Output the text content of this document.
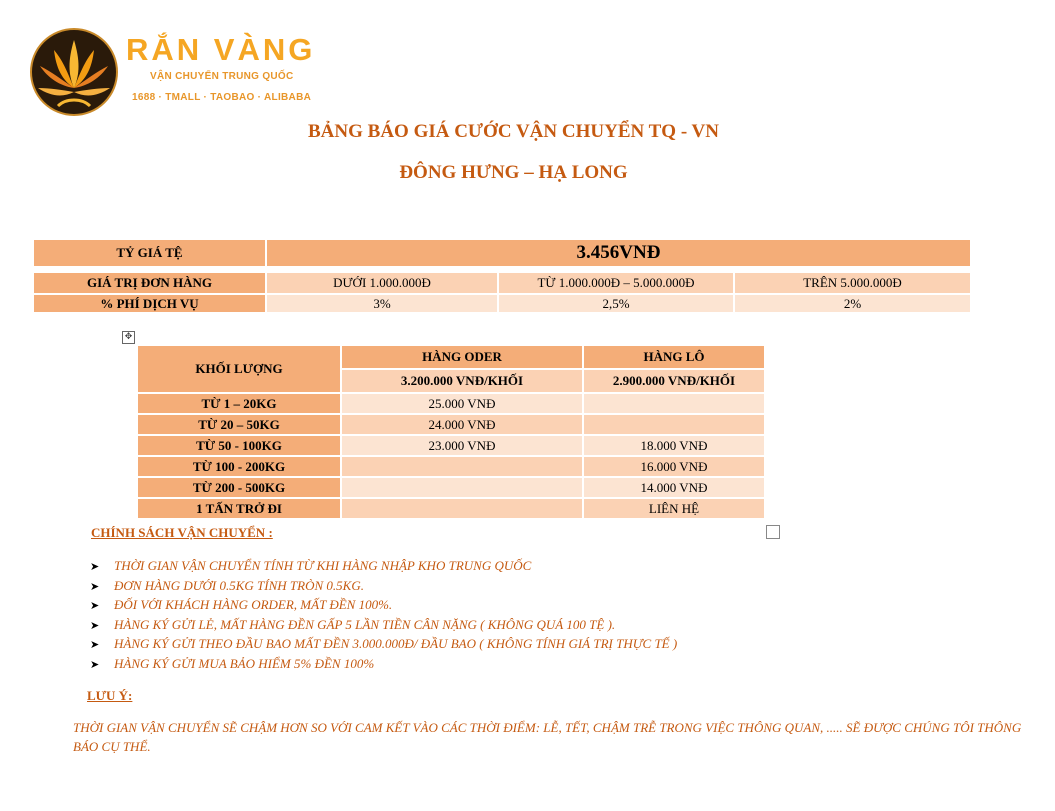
RẮN VÀNG
VẬN CHUYỂN TRUNG QUỐC
1688 · TMALL · TAOBAO · ALIBABA
BẢNG BÁO GIÁ CƯỚC VẬN CHUYỂN TQ - VN
ĐÔNG HƯNG – HẠ LONG
TỶ GIÁ TỆ	3.456VNĐ		

GIÁ TRỊ ĐƠN HÀNG	DƯỚI 1.000.000Đ	TỪ 1.000.000Đ – 5.000.000Đ	TRÊN 5.000.000Đ
% PHÍ DỊCH VỤ	3%	2,5%	2%
✥
KHỐI LƯỢNG	HÀNG ODER	HÀNG LÔ
	3.200.000 VNĐ/KHỐI	2.900.000 VNĐ/KHỐI
TỪ 1 – 20KG	25.000 VNĐ	
TỪ 20 – 50KG	24.000 VNĐ	
TỪ 50 - 100KG	23.000 VNĐ	18.000 VNĐ
TỪ 100 - 200KG		16.000 VNĐ
TỪ 200 - 500KG		14.000 VNĐ
1 TẤN TRỞ ĐI		LIÊN HỆ
CHÍNH SÁCH VẬN CHUYỂN :
➤ THỜI GIAN VẬN CHUYỂN TÍNH TỪ KHI HÀNG NHẬP KHO TRUNG QUỐC
➤ ĐƠN HÀNG DƯỚI 0.5KG TÍNH TRÒN 0.5KG.
➤ ĐỐI VỚI KHÁCH HÀNG ORDER, MẤT ĐỀN 100%.
➤ HÀNG KÝ GỬI LẺ, MẤT HÀNG ĐỀN GẤP 5 LẦN TIỀN CÂN NẶNG ( KHÔNG QUÁ 100 TỆ ).
➤ HÀNG KÝ GỬI THEO ĐẦU BAO MẤT ĐỀN 3.000.000Đ/ ĐẦU BAO ( KHÔNG TÍNH GIÁ TRỊ THỰC TẾ )
➤ HÀNG KÝ GỬI MUA BẢO HIỂM 5% ĐỀN 100%
LƯU Ý:
THỜI GIAN VẬN CHUYỂN SẼ CHẬM HƠN SO VỚI CAM KẾT VÀO CÁC THỜI ĐIỂM: LỄ, TẾT, CHẬM TRỄ TRONG VIỆC THÔNG QUAN, ..... SẼ ĐƯỢC CHÚNG TÔI THÔNG BÁO CỤ THỂ.
